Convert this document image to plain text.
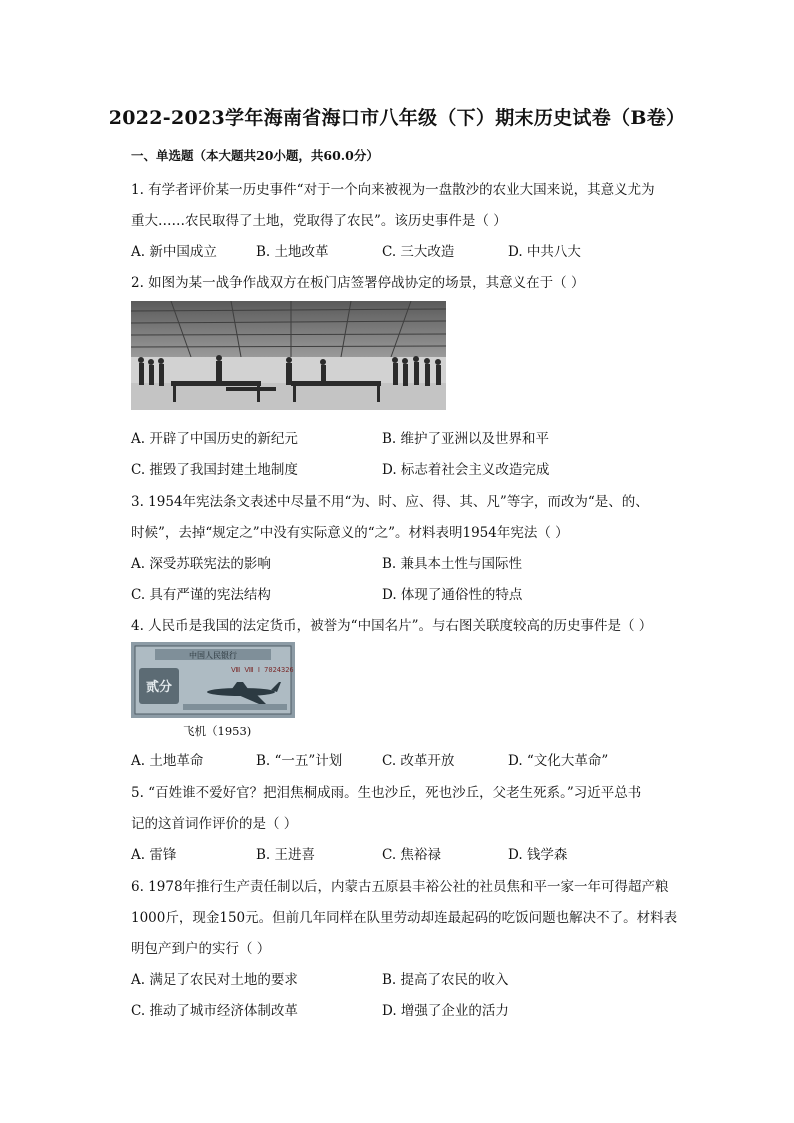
2022-2023学年海南省海口市八年级（下）期末历史试卷（B卷）
一、单选题（本大题共20小题，共60.0分）
1. 有学者评价某一历史事件“对于一个向来被视为一盘散沙的农业大国来说，其意义尤为
重大……农民取得了土地，党取得了农民”。该历史事件是（ ）
A. 新中国成立	B. 土地改革	C. 三大改造	D. 中共八大
2. 如图为某一战争作战双方在板门店签署停战协定的场景，其意义在于（ ）
A. 开辟了中国历史的新纪元	B. 维护了亚洲以及世界和平
C. 摧毁了我国封建土地制度	D. 标志着社会主义改造完成
3. 1954年宪法条文表述中尽量不用“为、时、应、得、其、凡”等字，而改为“是、的、
时候”，去掉“规定之”中没有实际意义的“之”。材料表明1954年宪法（ ）
A. 深受苏联宪法的影响	B. 兼具本土性与国际性
C. 具有严谨的宪法结构	D. 体现了通俗性的特点
4. 人民币是我国的法定货币，被誉为“中国名片”。与右图关联度较高的历史事件是（ ）
中国人民银行
Ⅷ Ⅷ Ⅰ 7024326
贰分
飞机（1953)
A. 土地革命	B. “一五”计划	C. 改革开放	D. “文化大革命”
5. “百姓谁不爱好官？把泪焦桐成雨。生也沙丘，死也沙丘，父老生死系。”习近平总书
记的这首词作评价的是（ ）
A. 雷锋	B. 王进喜	C. 焦裕禄	D. 钱学森
6. 1978年推行生产责任制以后，内蒙古五原县丰裕公社的社员焦和平一家一年可得超产粮
1000斤，现金150元。但前几年同样在队里劳动却连最起码的吃饭问题也解决不了。材料表
明包产到户的实行（ ）
A. 满足了农民对土地的要求	B. 提高了农民的收入
C. 推动了城市经济体制改革	D. 增强了企业的活力
